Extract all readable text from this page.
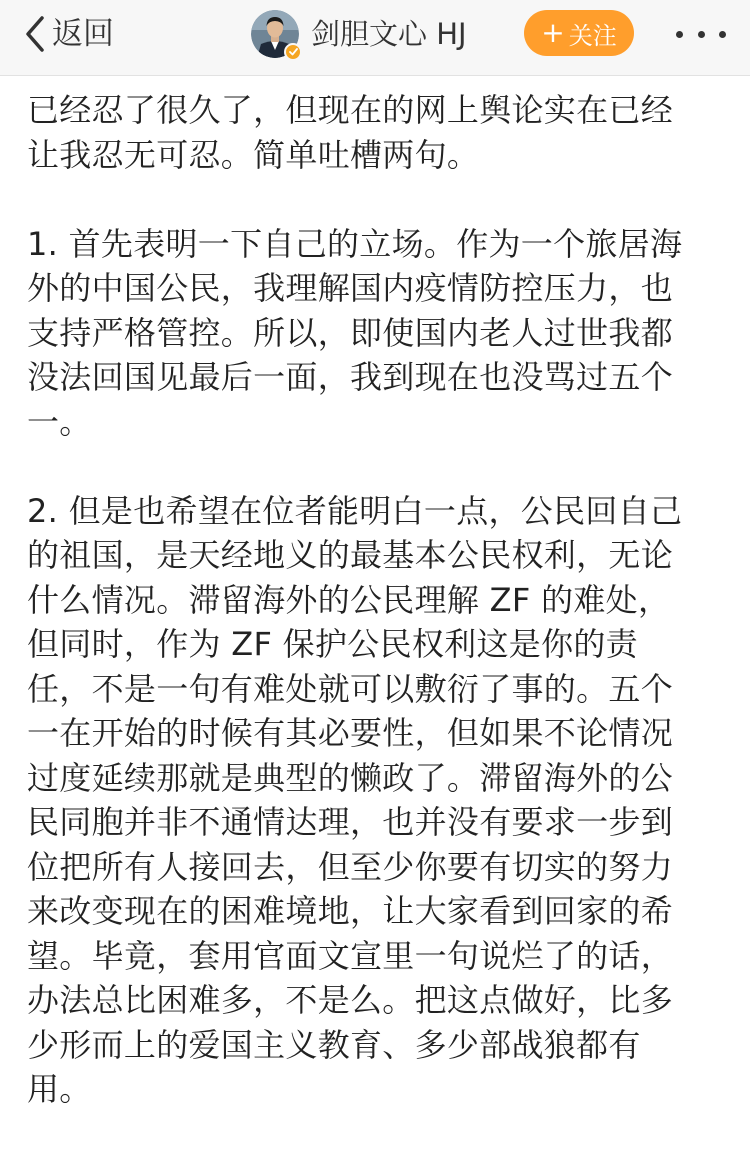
返回	剑胆文心 HJ	+ 关注
已经忍了很久了，但现在的网上舆论实在已经
让我忍无可忍。简单吐槽两句。
1. 首先表明一下自己的立场。作为一个旅居海
外的中国公民，我理解国内疫情防控压力，也
支持严格管控。所以，即使国内老人过世我都
没法回国见最后一面，我到现在也没骂过五个
一。
2. 但是也希望在位者能明白一点，公民回自己
的祖国，是天经地义的最基本公民权利，无论
什么情况。滞留海外的公民理解 ZF 的难处，
但同时，作为 ZF 保护公民权利这是你的责
任，不是一句有难处就可以敷衍了事的。五个
一在开始的时候有其必要性，但如果不论情况
过度延续那就是典型的懒政了。滞留海外的公
民同胞并非不通情达理，也并没有要求一步到
位把所有人接回去，但至少你要有切实的努力
来改变现在的困难境地，让大家看到回家的希
望。毕竟，套用官面文宣里一句说烂了的话，
办法总比困难多，不是么。把这点做好，比多
少形而上的爱国主义教育、多少部战狼都有
用。
